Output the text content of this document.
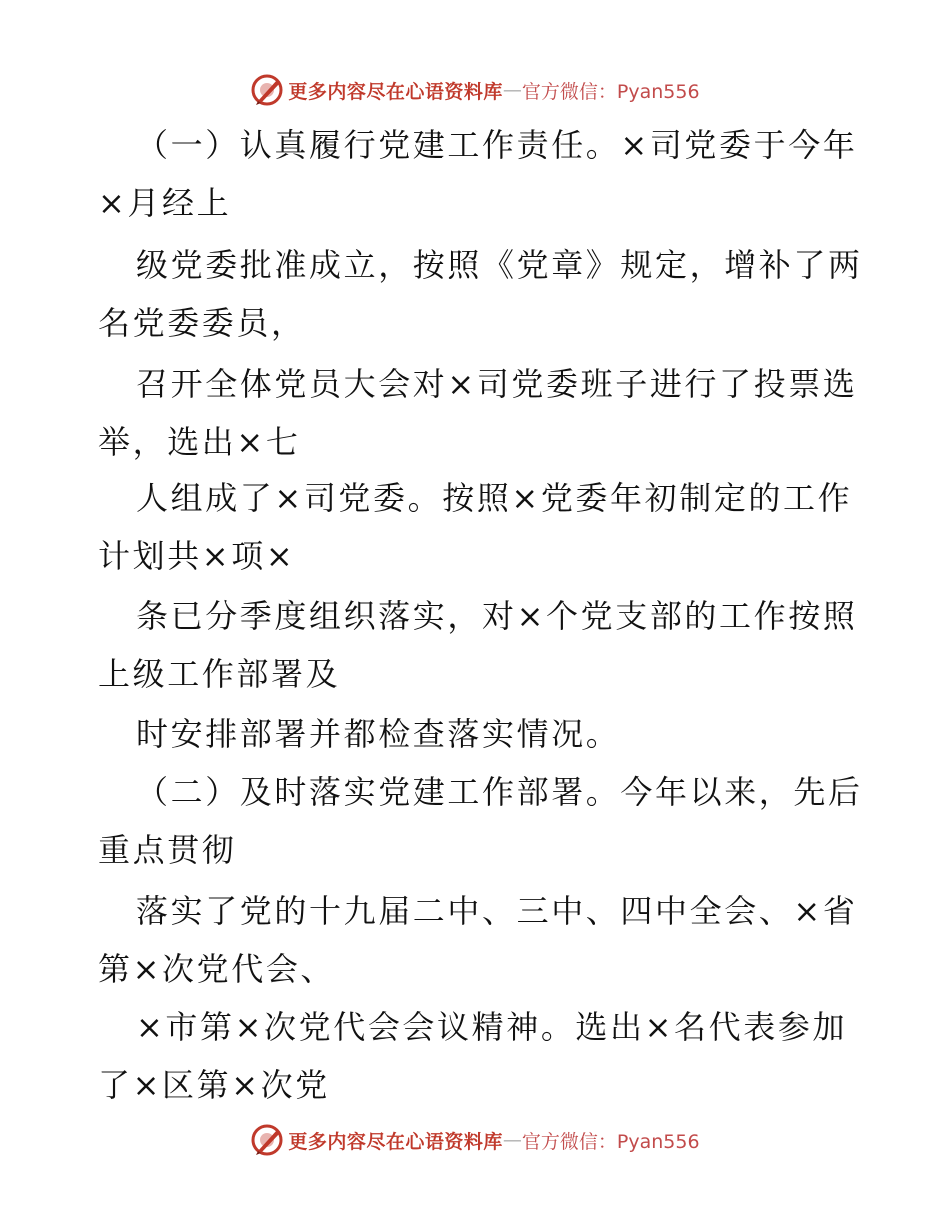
更多内容尽在心语资料库 — 官方微信：Pyan556
（一）认真履行党建工作责任。×司党委于今年
×月经上
级党委批准成立，按照《党章》规定，增补了两
名党委委员，
召开全体党员大会对×司党委班子进行了投票选
举，选出×七
人组成了×司党委。按照×党委年初制定的工作
计划共×项×
条已分季度组织落实，对×个党支部的工作按照
上级工作部署及
时安排部署并都检查落实情况。
（二）及时落实党建工作部署。今年以来，先后
重点贯彻
落实了党的十九届二中、三中、四中全会、×省
第×次党代会、
×市第×次党代会会议精神。选出×名代表参加
了×区第×次党
更多内容尽在心语资料库 — 官方微信：Pyan556
